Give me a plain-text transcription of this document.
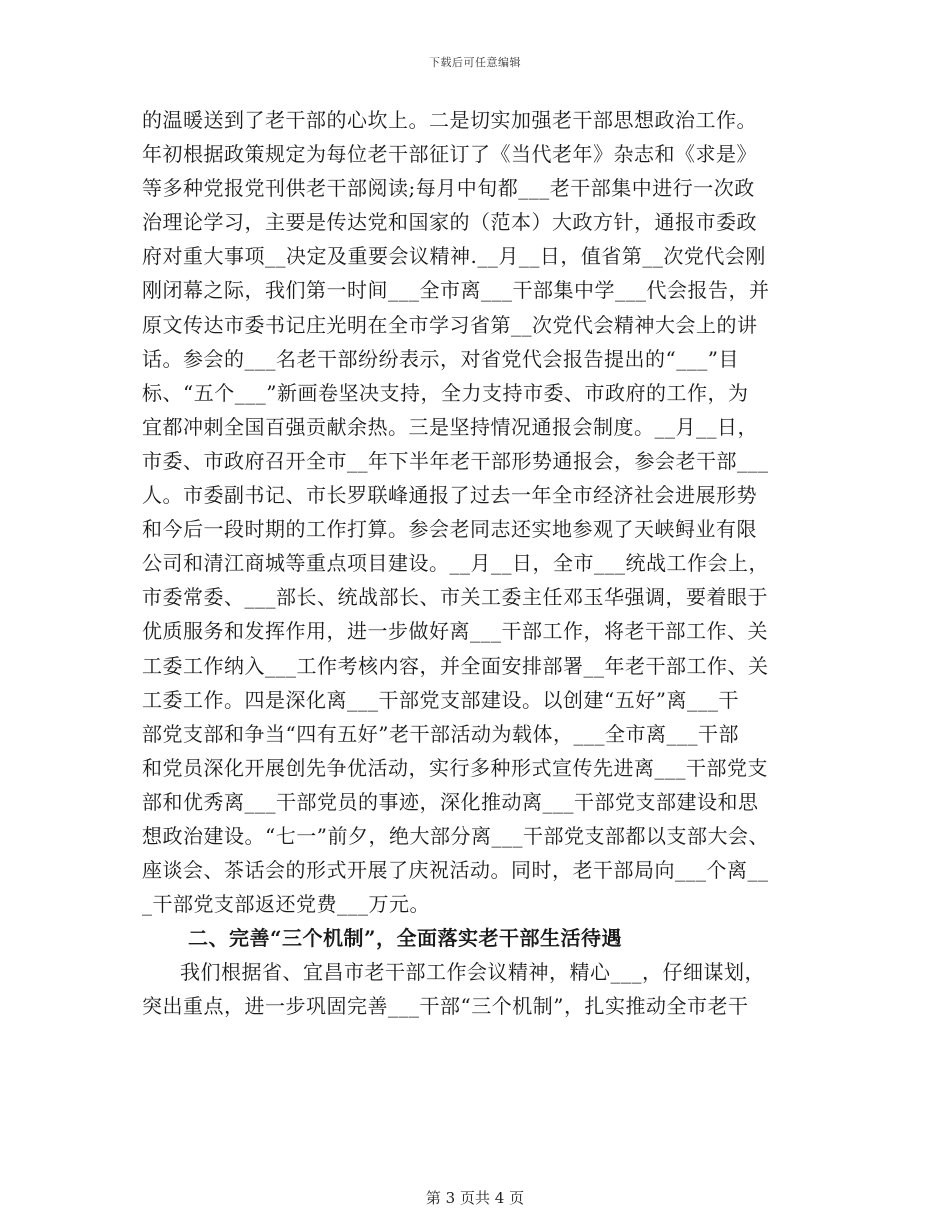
下载后可任意编辑
的温暖送到了老干部的心坎上。二是切实加强老干部思想政治工作。
年初根据政策规定为每位老干部征订了《当代老年》杂志和《求是》
等多种党报党刊供老干部阅读;每月中旬都___老干部集中进行一次政
治理论学习，主要是传达党和国家的（范本）大政方针，通报市委政
府对重大事项__决定及重要会议精神.__月__日，值省第__次党代会刚
刚闭幕之际，我们第一时间___全市离___干部集中学___代会报告，并
原文传达市委书记庄光明在全市学习省第__次党代会精神大会上的讲
话。参会的___名老干部纷纷表示，对省党代会报告提出的“___”目
标、“五个___”新画卷坚决支持，全力支持市委、市政府的工作，为
宜都冲刺全国百强贡献余热。三是坚持情况通报会制度。__月__日，
市委、市政府召开全市__年下半年老干部形势通报会，参会老干部___
人。市委副书记、市长罗联峰通报了过去一年全市经济社会进展形势
和今后一段时期的工作打算。参会老同志还实地参观了天峡鲟业有限
公司和清江商城等重点项目建设。__月__日，全市___统战工作会上，
市委常委、___部长、统战部长、市关工委主任邓玉华强调，要着眼于
优质服务和发挥作用，进一步做好离___干部工作，将老干部工作、关
工委工作纳入___工作考核内容，并全面安排部署__年老干部工作、关
工委工作。四是深化离___干部党支部建设。以创建“五好”离___干
部党支部和争当“四有五好”老干部活动为载体，___全市离___干部
和党员深化开展创先争优活动，实行多种形式宣传先进离___干部党支
部和优秀离___干部党员的事迹，深化推动离___干部党支部建设和思
想政治建设。“七一”前夕，绝大部分离___干部党支部都以支部大会、
座谈会、茶话会的形式开展了庆祝活动。同时，老干部局向___个离__
_干部党支部返还党费___万元。
二、完善“三个机制”，全面落实老干部生活待遇
我们根据省、宜昌市老干部工作会议精神，精心___，仔细谋划，
突出重点，进一步巩固完善___干部“三个机制”，扎实推动全市老干
第 3 页共 4 页
